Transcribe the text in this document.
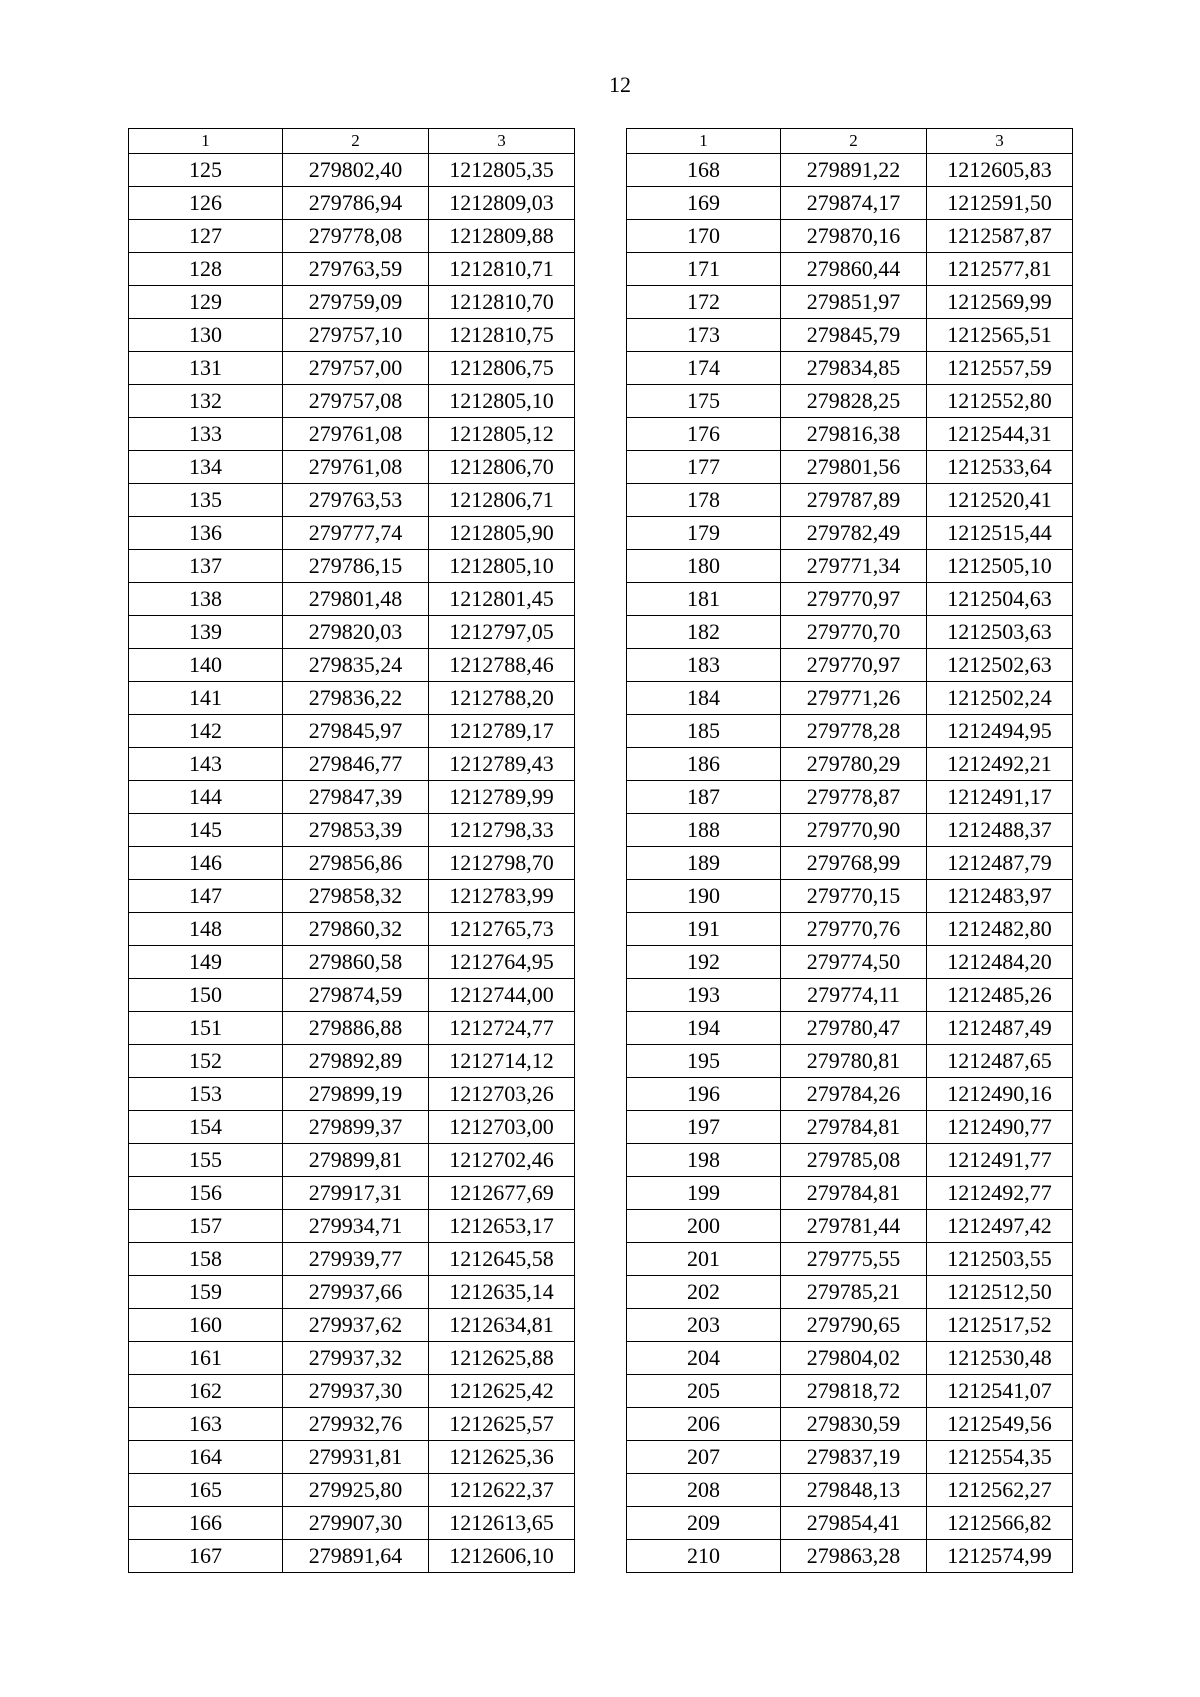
12
1	2	3
125	279802,40	1212805,35
126	279786,94	1212809,03
127	279778,08	1212809,88
128	279763,59	1212810,71
129	279759,09	1212810,70
130	279757,10	1212810,75
131	279757,00	1212806,75
132	279757,08	1212805,10
133	279761,08	1212805,12
134	279761,08	1212806,70
135	279763,53	1212806,71
136	279777,74	1212805,90
137	279786,15	1212805,10
138	279801,48	1212801,45
139	279820,03	1212797,05
140	279835,24	1212788,46
141	279836,22	1212788,20
142	279845,97	1212789,17
143	279846,77	1212789,43
144	279847,39	1212789,99
145	279853,39	1212798,33
146	279856,86	1212798,70
147	279858,32	1212783,99
148	279860,32	1212765,73
149	279860,58	1212764,95
150	279874,59	1212744,00
151	279886,88	1212724,77
152	279892,89	1212714,12
153	279899,19	1212703,26
154	279899,37	1212703,00
155	279899,81	1212702,46
156	279917,31	1212677,69
157	279934,71	1212653,17
158	279939,77	1212645,58
159	279937,66	1212635,14
160	279937,62	1212634,81
161	279937,32	1212625,88
162	279937,30	1212625,42
163	279932,76	1212625,57
164	279931,81	1212625,36
165	279925,80	1212622,37
166	279907,30	1212613,65
167	279891,64	1212606,10
1	2	3
168	279891,22	1212605,83
169	279874,17	1212591,50
170	279870,16	1212587,87
171	279860,44	1212577,81
172	279851,97	1212569,99
173	279845,79	1212565,51
174	279834,85	1212557,59
175	279828,25	1212552,80
176	279816,38	1212544,31
177	279801,56	1212533,64
178	279787,89	1212520,41
179	279782,49	1212515,44
180	279771,34	1212505,10
181	279770,97	1212504,63
182	279770,70	1212503,63
183	279770,97	1212502,63
184	279771,26	1212502,24
185	279778,28	1212494,95
186	279780,29	1212492,21
187	279778,87	1212491,17
188	279770,90	1212488,37
189	279768,99	1212487,79
190	279770,15	1212483,97
191	279770,76	1212482,80
192	279774,50	1212484,20
193	279774,11	1212485,26
194	279780,47	1212487,49
195	279780,81	1212487,65
196	279784,26	1212490,16
197	279784,81	1212490,77
198	279785,08	1212491,77
199	279784,81	1212492,77
200	279781,44	1212497,42
201	279775,55	1212503,55
202	279785,21	1212512,50
203	279790,65	1212517,52
204	279804,02	1212530,48
205	279818,72	1212541,07
206	279830,59	1212549,56
207	279837,19	1212554,35
208	279848,13	1212562,27
209	279854,41	1212566,82
210	279863,28	1212574,99
